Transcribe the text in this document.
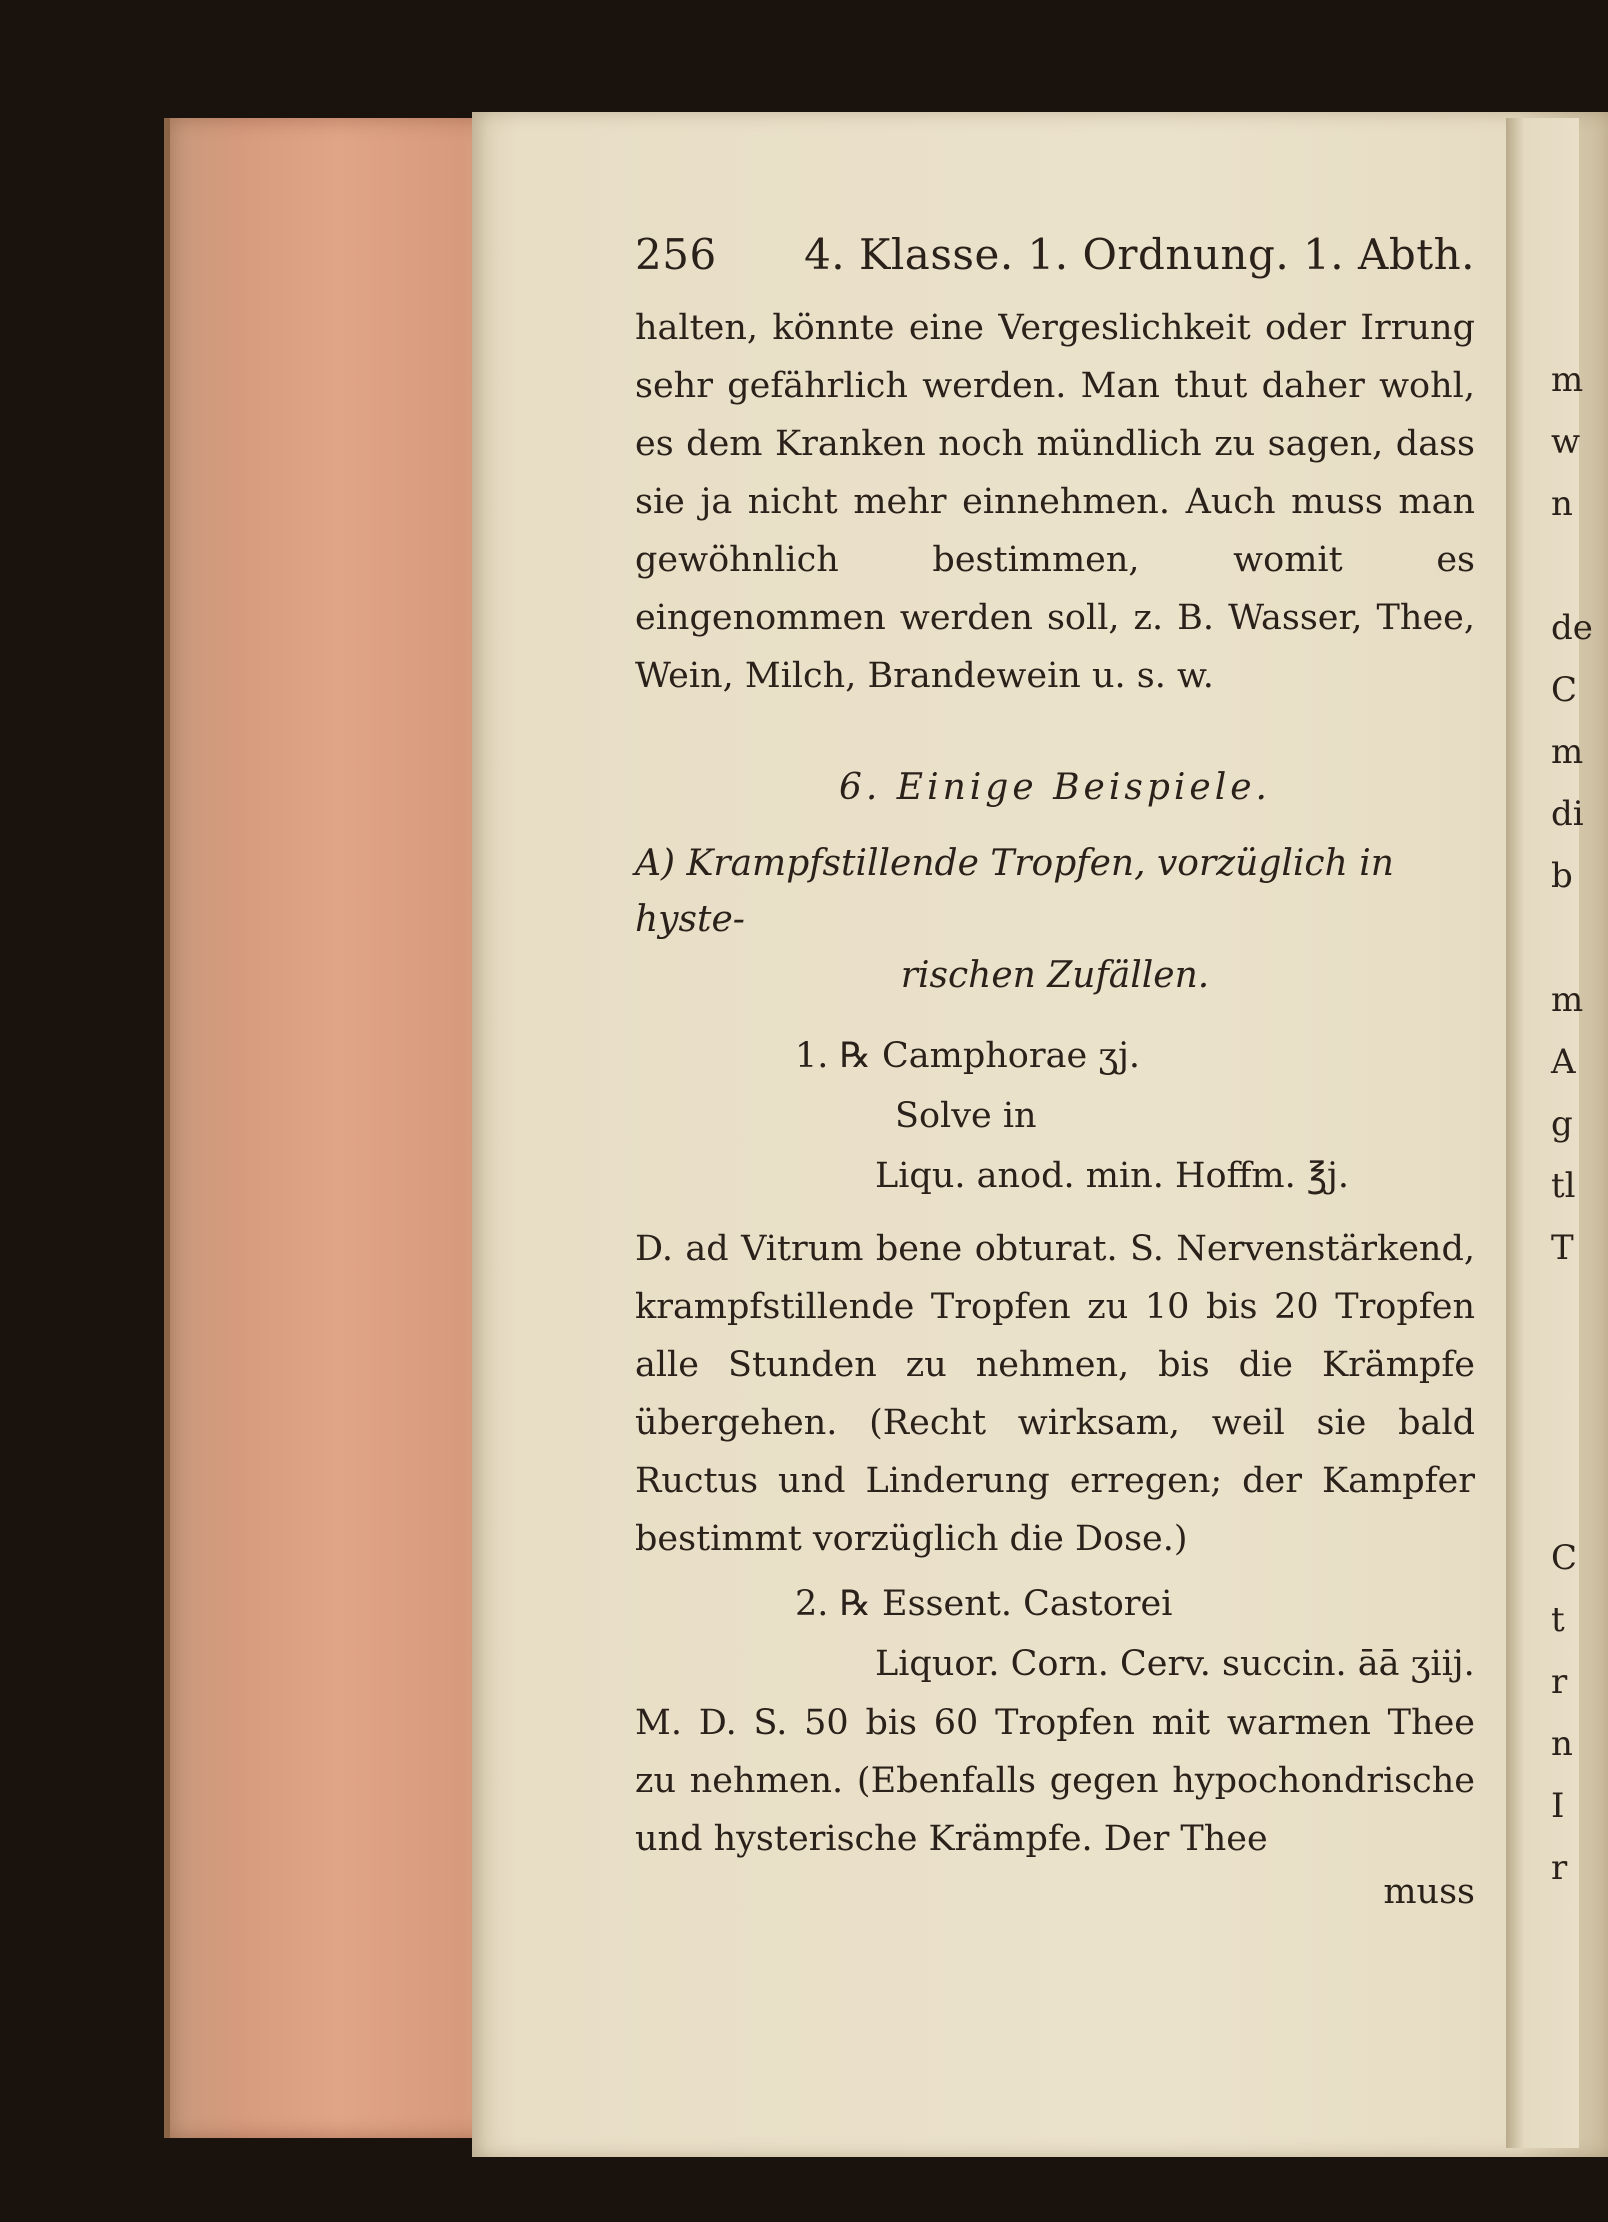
256 4. Klasse. 1. Ordnung. 1. Abth.

halten, könnte eine Vergeslichkeit oder Irrung sehr gefährlich werden. Man thut daher wohl, es dem Kranken noch mündlich zu sagen, dass sie ja nicht mehr einnehmen. Auch muss man gewöhnlich bestimmen, womit es eingenommen werden soll, z. B. Wasser, Thee, Wein, Milch, Brandewein u. s. w.

6. Einige Beispiele.
A) Krampfstillende Tropfen, vorzüglich in hyste-
rischen Zufällen.
1. ℞ Camphorae ʒj.
Solve in
Liqu. anod. min. Hoffm. ℥j.

D. ad Vitrum bene obturat. S. Nervenstärkend, krampfstillende Tropfen zu 10 bis 20 Tropfen alle Stunden zu nehmen, bis die Krämpfe übergehen. (Recht wirksam, weil sie bald Ructus und Linderung erregen; der Kampfer bestimmt vorzüglich die Dose.)

2. ℞ Essent. Castorei
Liquor. Corn. Cerv. succin. āā ʒiij.

M. D. S. 50 bis 60 Tropfen mit warmen Thee zu nehmen. (Ebenfalls gegen hypochondrische und hysterische Krämpfe. Der Thee

muss
m
w
n
de
C
m
di
b
m
A
g
tl
T
C
t
r
n
I
r
